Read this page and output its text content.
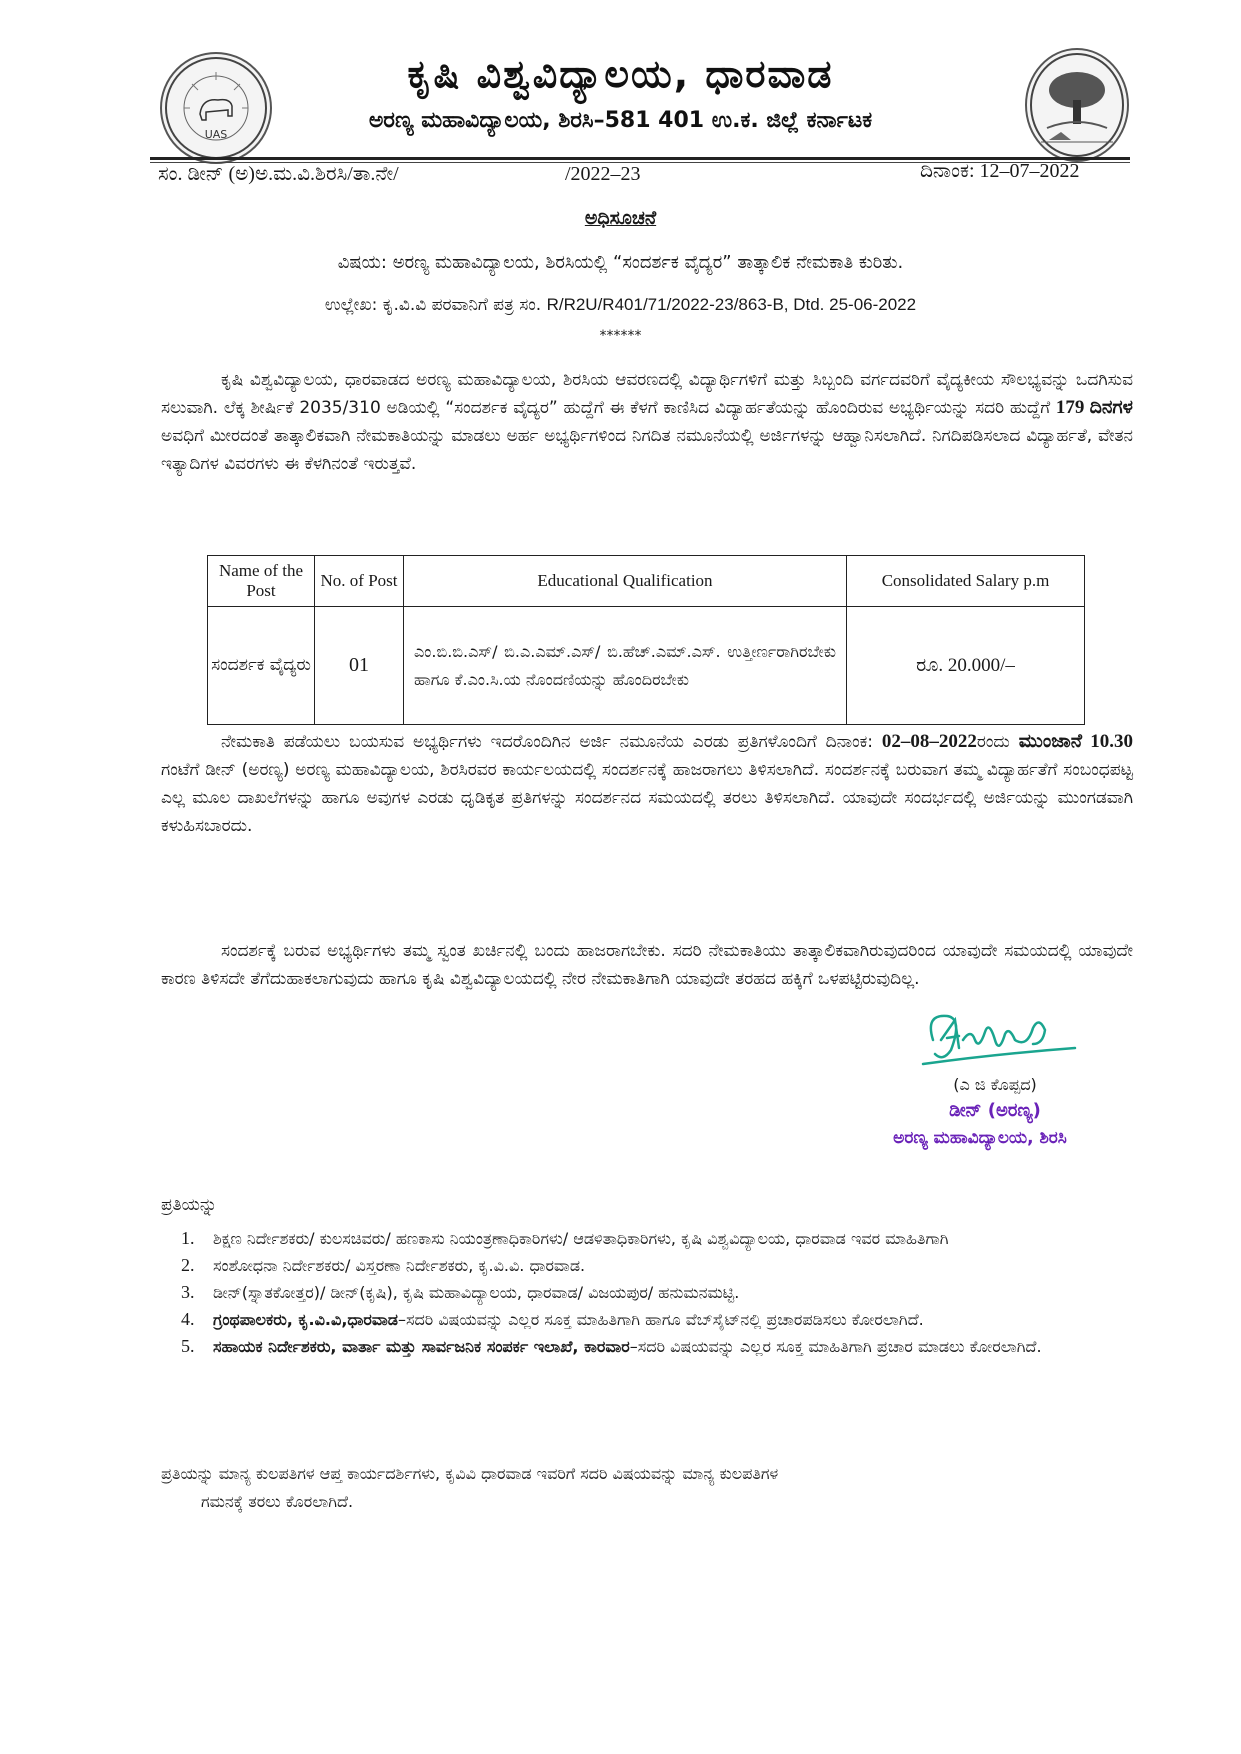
UAS
ಕೃಷಿ ವಿಶ್ವವಿದ್ಯಾಲಯ, ಧಾರವಾಡ
ಅರಣ್ಯ ಮಹಾವಿದ್ಯಾಲಯ, ಶಿರಸಿ–581 401 ಉ.ಕ. ಜಿಲ್ಲೆ ಕರ್ನಾಟಕ
ಸಂ. ಡೀನ್ (ಅ)ಅ.ಮ.ವಿ.ಶಿರಸಿ/ತಾ.ನೇ/	/2022–23	ದಿನಾಂಕ: 12–07–2022
ಅಧಿಸೂಚನೆ
ವಿಷಯ: ಅರಣ್ಯ ಮಹಾವಿದ್ಯಾಲಯ, ಶಿರಸಿಯಲ್ಲಿ “ಸಂದರ್ಶಕ ವೈದ್ಯರ” ತಾತ್ಕಾಲಿಕ ನೇಮಕಾತಿ ಕುರಿತು.
ಉಲ್ಲೇಖ: ಕೃ.ವಿ.ವಿ ಪರವಾನಿಗೆ ಪತ್ರ ಸಂ. R/R2U/R401/71/2022-23/863-B, Dtd. 25-06-2022
******
ಕೃಷಿ ವಿಶ್ವವಿದ್ಯಾಲಯ, ಧಾರವಾಡದ ಅರಣ್ಯ ಮಹಾವಿದ್ಯಾಲಯ, ಶಿರಸಿಯ ಆವರಣದಲ್ಲಿ ವಿದ್ಯಾರ್ಥಿಗಳಿಗೆ ಮತ್ತು ಸಿಬ್ಬಂದಿ ವರ್ಗದವರಿಗೆ ವೈದ್ಯಕೀಯ ಸೌಲಭ್ಯವನ್ನು ಒದಗಿಸುವ ಸಲುವಾಗಿ. ಲೆಕ್ಕ ಶೀರ್ಷಿಕೆ 2035/310 ಅಡಿಯಲ್ಲಿ “ಸಂದರ್ಶಕ ವೈದ್ಯರ” ಹುದ್ದೆಗೆ ಈ ಕೆಳಗೆ ಕಾಣಿಸಿದ ವಿದ್ಯಾರ್ಹತೆಯನ್ನು ಹೊಂದಿರುವ ಅಭ್ಯರ್ಥಿಯನ್ನು ಸದರಿ ಹುದ್ದೆಗೆ 179 ದಿನಗಳ ಅವಧಿಗೆ ಮೀರದಂತೆ ತಾತ್ಕಾಲಿಕವಾಗಿ ನೇಮಕಾತಿಯನ್ನು ಮಾಡಲು ಅರ್ಹ ಅಭ್ಯರ್ಥಿಗಳಿಂದ ನಿಗದಿತ ನಮೂನೆಯಲ್ಲಿ ಅರ್ಜಿಗಳನ್ನು ಆಹ್ವಾನಿಸಲಾಗಿದೆ. ನಿಗದಿಪಡಿಸಲಾದ ವಿದ್ಯಾರ್ಹತೆ, ವೇತನ ಇತ್ಯಾದಿಗಳ ವಿವರಗಳು ಈ ಕೆಳಗಿನಂತೆ ಇರುತ್ತವೆ.
Name of the Post	No. of Post	Educational Qualification	Consolidated Salary p.m
ಸಂದರ್ಶಕ ವೈದ್ಯರು	01	ಎಂ.ಬಿ.ಬಿ.ಎಸ್/ ಬಿ.ಎ.ಎಮ್.ಎಸ್/ ಬಿ.ಹೆಚ್.ಎಮ್.ಎಸ್. ಉತ್ತೀರ್ಣರಾಗಿರಬೇಕು ಹಾಗೂ ಕೆ.ಎಂ.ಸಿ.ಯ ನೊಂದಣಿಯನ್ನು ಹೊಂದಿರಬೇಕು	ರೂ. 20.000/–
ನೇಮಕಾತಿ ಪಡೆಯಲು ಬಯಸುವ ಅಭ್ಯರ್ಥಿಗಳು ಇದರೊಂದಿಗಿನ ಅರ್ಜಿ ನಮೂನೆಯ ಎರಡು ಪ್ರತಿಗಳೊಂದಿಗೆ ದಿನಾಂಕ: 02–08–2022ರಂದು ಮುಂಜಾನೆ 10.30 ಗಂಟೆಗೆ ಡೀನ್ (ಅರಣ್ಯ) ಅರಣ್ಯ ಮಹಾವಿದ್ಯಾಲಯ, ಶಿರಸಿರವರ ಕಾರ್ಯಲಯದಲ್ಲಿ ಸಂದರ್ಶನಕ್ಕೆ ಹಾಜರಾಗಲು ತಿಳಿಸಲಾಗಿದೆ. ಸಂದರ್ಶನಕ್ಕೆ ಬರುವಾಗ ತಮ್ಮ ವಿದ್ಯಾರ್ಹತೆಗೆ ಸಂಬಂಧಪಟ್ಟ ಎಲ್ಲ ಮೂಲ ದಾಖಲೆಗಳನ್ನು ಹಾಗೂ ಅವುಗಳ ಎರಡು ಧೃಡಿಕೃತ ಪ್ರತಿಗಳನ್ನು ಸಂದರ್ಶನದ ಸಮಯದಲ್ಲಿ ತರಲು ತಿಳಿಸಲಾಗಿದೆ. ಯಾವುದೇ ಸಂದರ್ಭದಲ್ಲಿ ಅರ್ಜಿಯನ್ನು ಮುಂಗಡವಾಗಿ ಕಳುಹಿಸಬಾರದು.
ಸಂದರ್ಶಕ್ಕೆ ಬರುವ ಅಭ್ಯರ್ಥಿಗಳು ತಮ್ಮ ಸ್ವಂತ ಖರ್ಚಿನಲ್ಲಿ ಬಂದು ಹಾಜರಾಗಬೇಕು. ಸದರಿ ನೇಮಕಾತಿಯು ತಾತ್ಕಾಲಿಕವಾಗಿರುವುದರಿಂದ ಯಾವುದೇ ಸಮಯದಲ್ಲಿ ಯಾವುದೇ ಕಾರಣ ತಿಳಿಸದೇ ತೆಗೆದುಹಾಕಲಾಗುವುದು ಹಾಗೂ ಕೃಷಿ ವಿಶ್ವವಿದ್ಯಾಲಯದಲ್ಲಿ ನೇರ ನೇಮಕಾತಿಗಾಗಿ ಯಾವುದೇ ತರಹದ ಹಕ್ಕಿಗೆ ಒಳಪಟ್ಟಿರುವುದಿಲ್ಲ.
(ಎ ಜಿ ಕೊಪ್ಪದ)
ಡೀನ್ (ಅರಣ್ಯ)
ಅರಣ್ಯ ಮಹಾವಿದ್ಯಾಲಯ, ಶಿರಸಿ
ಪ್ರತಿಯನ್ನು
1.	ಶಿಕ್ಷಣ ನಿರ್ದೇಶಕರು/ ಕುಲಸಚಿವರು/ ಹಣಕಾಸು ನಿಯಂತ್ರಣಾಧಿಕಾರಿಗಳು/ ಆಡಳಿತಾಧಿಕಾರಿಗಳು, ಕೃಷಿ ವಿಶ್ವವಿದ್ಯಾಲಯ, ಧಾರವಾಡ ಇವರ ಮಾಹಿತಿಗಾಗಿ
2.	ಸಂಶೋಧನಾ ನಿರ್ದೇಶಕರು/ ವಿಸ್ತರಣಾ ನಿರ್ದೇಶಕರು, ಕೃ.ವಿ.ವಿ. ಧಾರವಾಡ.
3.	ಡೀನ್(ಸ್ನಾತಕೋತ್ತರ)/ ಡೀನ್(ಕೃಷಿ), ಕೃಷಿ ಮಹಾವಿದ್ಯಾಲಯ, ಧಾರವಾಡ/ ವಿಜಯಪುರ/ ಹನುಮನಮಟ್ಟಿ.
4.	ಗ್ರಂಥಪಾಲಕರು, ಕೃ.ವಿ.ವಿ,ಧಾರವಾಡ–ಸದರಿ ವಿಷಯವನ್ನು ಎಲ್ಲರ ಸೂಕ್ತ ಮಾಹಿತಿಗಾಗಿ ಹಾಗೂ ವೆಬ್‌ಸೈಟ್‌ನಲ್ಲಿ ಪ್ರಚಾರಪಡಿಸಲು ಕೋರಲಾಗಿದೆ.
5.	ಸಹಾಯಕ ನಿರ್ದೇಶಕರು, ವಾರ್ತಾ ಮತ್ತು ಸಾರ್ವಜನಿಕ ಸಂಪರ್ಕ ಇಲಾಖೆ, ಕಾರವಾರ–ಸದರಿ ವಿಷಯವನ್ನು ಎಲ್ಲರ ಸೂಕ್ತ ಮಾಹಿತಿಗಾಗಿ ಪ್ರಚಾರ ಮಾಡಲು ಕೋರಲಾಗಿದೆ.
ಪ್ರತಿಯನ್ನು ಮಾನ್ಯ ಕುಲಪತಿಗಳ ಆಪ್ತ ಕಾರ್ಯದರ್ಶಿಗಳು, ಕೃವಿವಿ ಧಾರವಾಡ ಇವರಿಗೆ ಸದರಿ ವಿಷಯವನ್ನು ಮಾನ್ಯ ಕುಲಪತಿಗಳ
ಗಮನಕ್ಕೆ ತರಲು ಕೊರಲಾಗಿದೆ.
